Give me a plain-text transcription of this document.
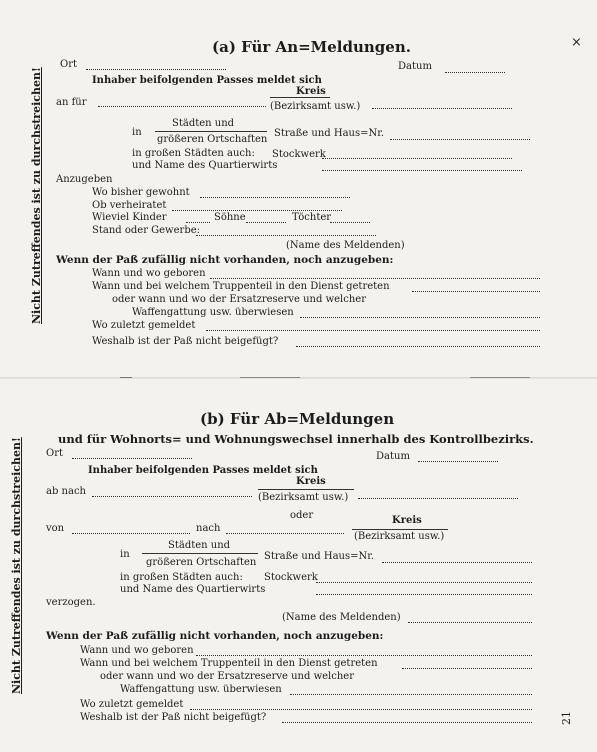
Nicht Zutreffendes ist zu durchstreichen!
×
(a) Für An=Meldungen.
Ort	Datum
Inhaber beifolgenden Passes meldet sich
Kreis
an für	(Bezirksamt usw.)
Städten und
in
größeren Ortschaften
Straße und Haus=Nr.
in großen Städten auch: Stockwerk
und Name des Quartierwirts
Anzugeben
Wo bisher gewohnt
Ob verheiratet
Wieviel Kinder	Söhne	Töchter
Stand oder Gewerbe:
(Name des Meldenden)
Wenn der Paß zufällig nicht vorhanden, noch anzugeben:
Wann und wo geboren
Wann und bei welchem Truppenteil in den Dienst getreten
oder wann und wo der Ersatzreserve und welcher
Waffengattung usw. überwiesen
Wo zuletzt gemeldet
Weshalb ist der Paß nicht beigefügt?
Nicht Zutreffendes ist zu durchstreichen!
(b) Für Ab=Meldungen
und für Wohnorts= und Wohnungswechsel innerhalb des Kontrollbezirks.
Ort	Datum
Inhaber beifolgenden Passes meldet sich
Kreis
ab nach
(Bezirksamt usw.)
oder	Kreis
von	nach
(Bezirksamt usw.)
Städten und
in
größeren Ortschaften
Straße und Haus=Nr.
in großen Städten auch: Stockwerk
und Name des Quartierwirts
verzogen.
(Name des Meldenden)
Wenn der Paß zufällig nicht vorhanden, noch anzugeben:
Wann und wo geboren
Wann und bei welchem Truppenteil in den Dienst getreten
oder wann und wo der Ersatzreserve und welcher
Waffengattung usw. überwiesen
Wo zuletzt gemeldet
Weshalb ist der Paß nicht beigefügt?	21
